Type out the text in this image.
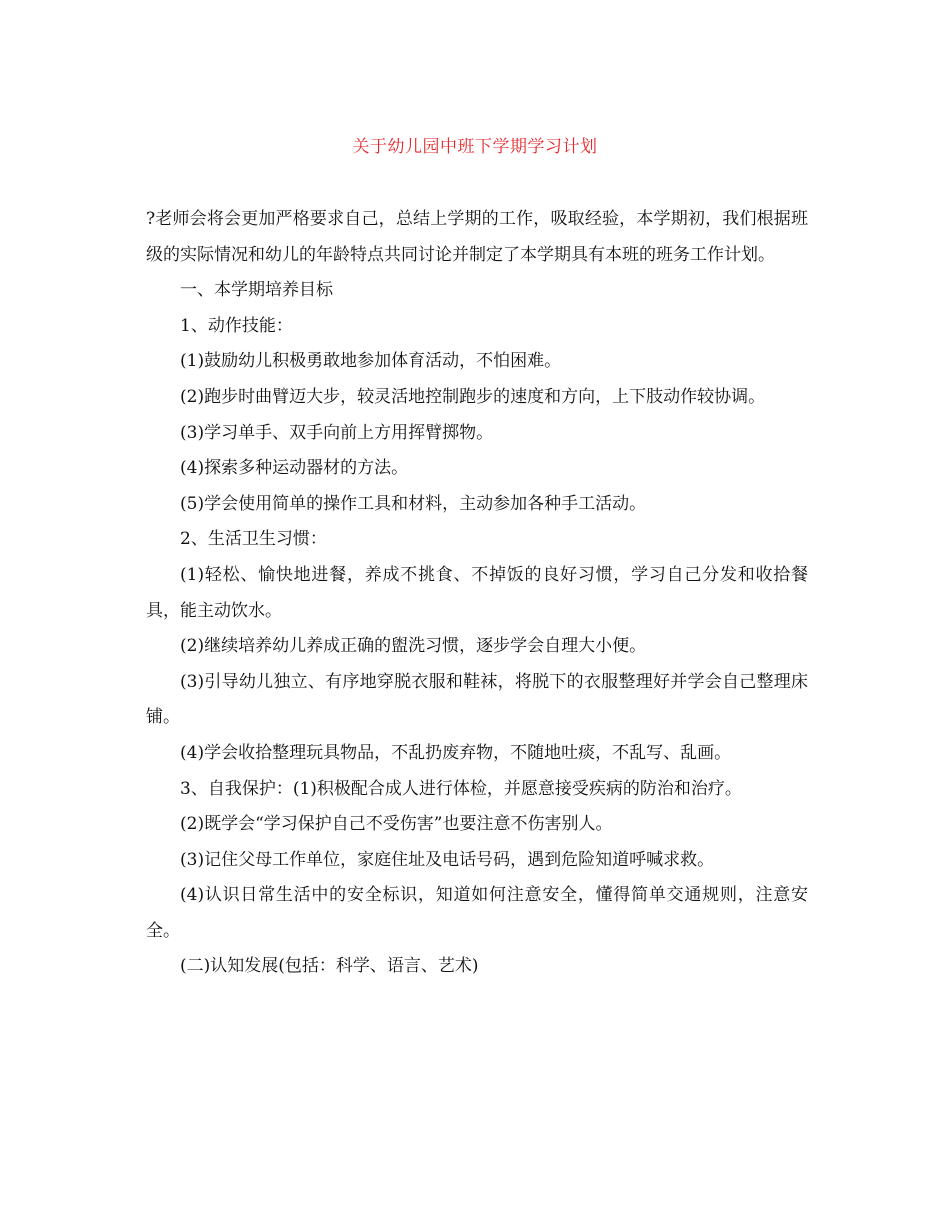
关于幼儿园中班下学期学习计划

?老师会将会更加严格要求自己，总结上学期的工作，吸取经验，本学期初，我们根据班级的实际情况和幼儿的年龄特点共同讨论并制定了本学期具有本班的班务工作计划。

一、本学期培养目标

1、动作技能：

(1)鼓励幼儿积极勇敢地参加体育活动，不怕困难。

(2)跑步时曲臂迈大步，较灵活地控制跑步的速度和方向，上下肢动作较协调。

(3)学习单手、双手向前上方用挥臂掷物。

(4)探索多种运动器材的方法。

(5)学会使用简单的操作工具和材料，主动参加各种手工活动。

2、生活卫生习惯：

(1)轻松、愉快地进餐，养成不挑食、不掉饭的良好习惯，学习自己分发和收拾餐具，能主动饮水。

(2)继续培养幼儿养成正确的盥洗习惯，逐步学会自理大小便。

(3)引导幼儿独立、有序地穿脱衣服和鞋袜，将脱下的衣服整理好并学会自己整理床铺。

(4)学会收拾整理玩具物品，不乱扔废弃物，不随地吐痰，不乱写、乱画。

3、自我保护：(1)积极配合成人进行体检，并愿意接受疾病的防治和治疗。

(2)既学会“学习保护自己不受伤害”也要注意不伤害别人。

(3)记住父母工作单位，家庭住址及电话号码，遇到危险知道呼喊求救。

(4)认识日常生活中的安全标识，知道如何注意安全，懂得简单交通规则，注意安全。

(二)认知发展(包括：科学、语言、艺术)
